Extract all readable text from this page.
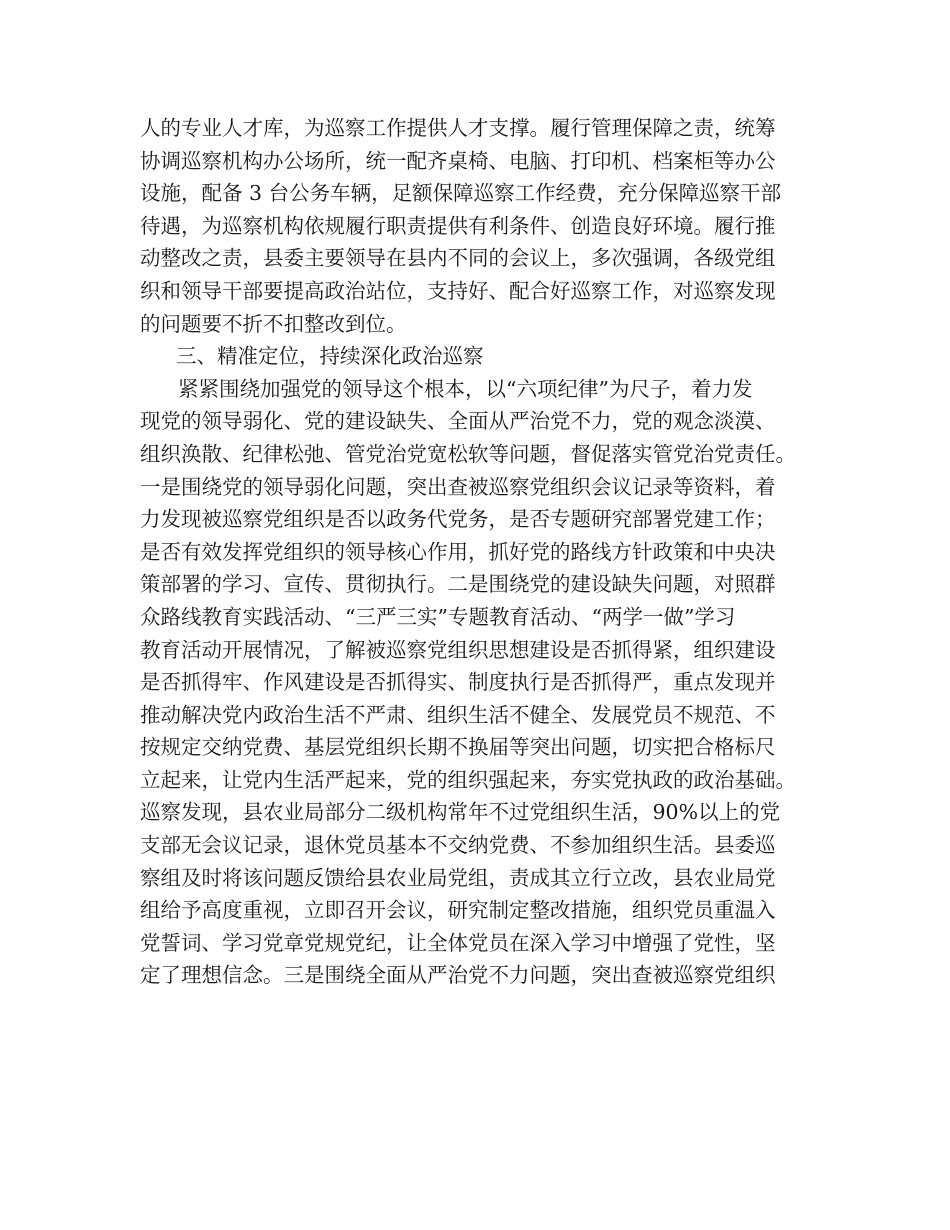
人的专业人才库，为巡察工作提供人才支撑。履行管理保障之责，统筹
协调巡察机构办公场所，统一配齐桌椅、电脑、打印机、档案柜等办公
设施，配备 3 台公务车辆，足额保障巡察工作经费，充分保障巡察干部
待遇，为巡察机构依规履行职责提供有利条件、创造良好环境。履行推
动整改之责，县委主要领导在县内不同的会议上，多次强调，各级党组
织和领导干部要提高政治站位，支持好、配合好巡察工作，对巡察发现
的问题要不折不扣整改到位。
三、精准定位，持续深化政治巡察
紧紧围绕加强党的领导这个根本，以“六项纪律”为尺子，着力发
现党的领导弱化、党的建设缺失、全面从严治党不力，党的观念淡漠、
组织涣散、纪律松弛、管党治党宽松软等问题，督促落实管党治党责任。
一是围绕党的领导弱化问题，突出查被巡察党组织会议记录等资料，着
力发现被巡察党组织是否以政务代党务，是否专题研究部署党建工作；
是否有效发挥党组织的领导核心作用，抓好党的路线方针政策和中央决
策部署的学习、宣传、贯彻执行。二是围绕党的建设缺失问题，对照群
众路线教育实践活动、“三严三实”专题教育活动、“两学一做”学习
教育活动开展情况，了解被巡察党组织思想建设是否抓得紧，组织建设
是否抓得牢、作风建设是否抓得实、制度执行是否抓得严，重点发现并
推动解决党内政治生活不严肃、组织生活不健全、发展党员不规范、不
按规定交纳党费、基层党组织长期不换届等突出问题，切实把合格标尺
立起来，让党内生活严起来，党的组织强起来，夯实党执政的政治基础。
巡察发现，县农业局部分二级机构常年不过党组织生活，90%以上的党
支部无会议记录，退休党员基本不交纳党费、不参加组织生活。县委巡
察组及时将该问题反馈给县农业局党组，责成其立行立改，县农业局党
组给予高度重视，立即召开会议，研究制定整改措施，组织党员重温入
党誓词、学习党章党规党纪，让全体党员在深入学习中增强了党性，坚
定了理想信念。三是围绕全面从严治党不力问题，突出查被巡察党组织
